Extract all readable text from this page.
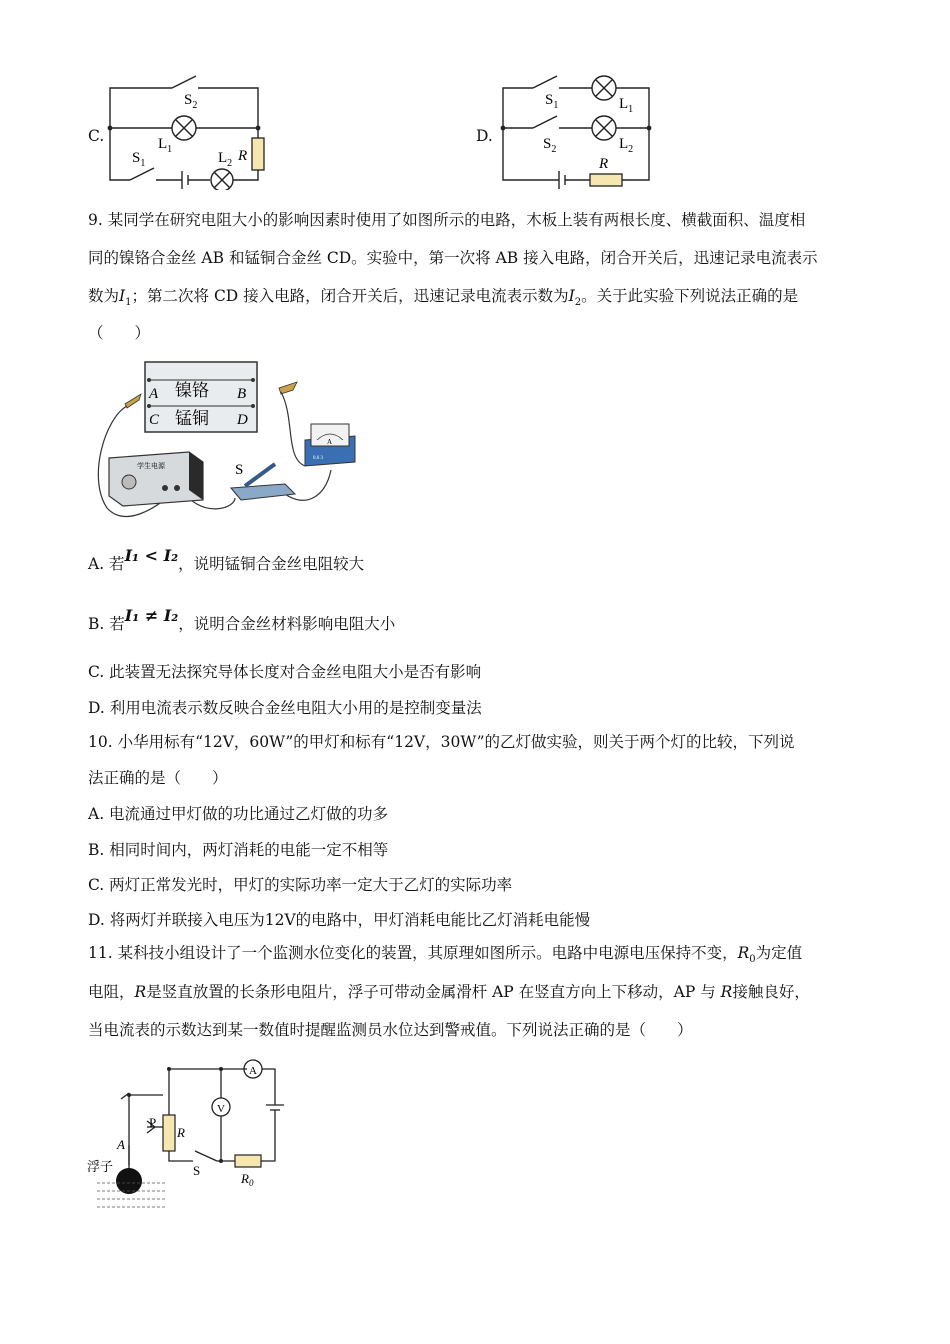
C.
$S_2$
$L_1$
$S_1$	$L_2$ R
D.
$S_1$	$L_1$
$S_2$	$L_2$
R
9. 某同学在研究电阻大小的影响因素时使用了如图所示的电路，木板上装有两根长度、横截面积、温度相
同的镍铬合金丝 AB 和锰铜合金丝 CD。实验中，第一次将 AB 接入电路，闭合开关后，迅速记录电流表示
数为$I_1$；第二次将 CD 接入电路，闭合开关后，迅速记录电流表示数为$I_2$。关于此实验下列说法正确的是
（　　）
镍铬
锰铜
A	B
C	D
学生电源	S
A
0.6 3
A. 若I₁ < I₂，说明锰铜合金丝电阻较大
B. 若I₁ ≠ I₂，说明合金丝材料影响电阻大小
C. 此装置无法探究导体长度对合金丝电阻大小是否有影响
D. 利用电流表示数反映合金丝电阻大小用的是控制变量法
10. 小华用标有“12V，60W”的甲灯和标有“12V，30W”的乙灯做实验，则关于两个灯的比较，下列说
法正确的是（　　）
A. 电流通过甲灯做的功比通过乙灯做的功多
B. 相同时间内，两灯消耗的电能一定不相等
C. 两灯正常发光时，甲灯的实际功率一定大于乙灯的实际功率
D. 将两灯并联接入电压为12V的电路中，甲灯消耗电能比乙灯消耗电能慢
11. 某科技小组设计了一个监测水位变化的装置，其原理如图所示。电路中电源电压保持不变，$R_0$为定值
电阻，R是竖直放置的长条形电阻片，浮子可带动金属滑杆 AP 在竖直方向上下移动，AP 与 R接触良好，
当电流表的示数达到某一数值时提醒监测员水位达到警戒值。下列说法正确的是（　　）
P
R
A
浮子	S
A
V
$R_0$
